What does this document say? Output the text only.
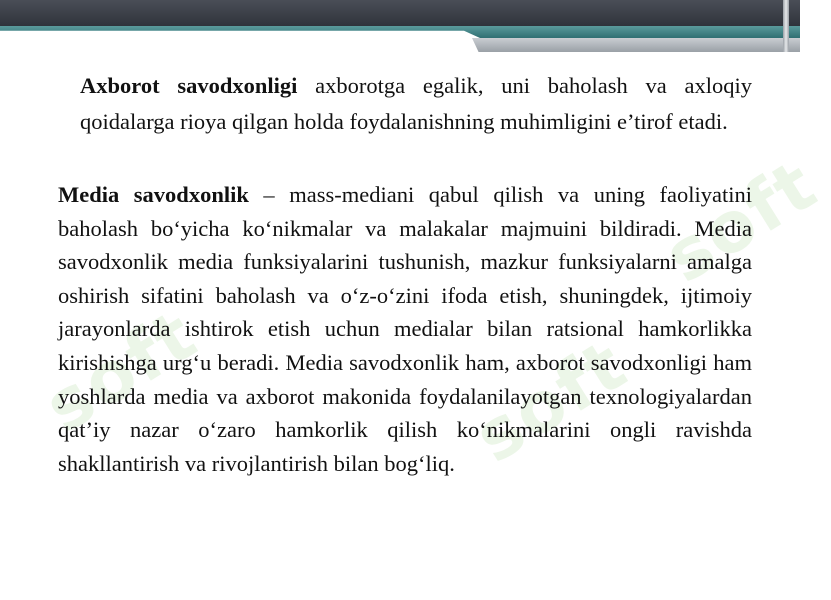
soft
soft	soft

Axborot savodxonligi axborotga egalik, uni baholash va axloqiy qoidalarga rioya qilgan holda foydalanishning muhimligini e’tirof etadi.

Media savodxonlik – mass-mediani qabul qilish va uning faoliyatini baholash bo‘yicha ko‘nikmalar va malakalar majmuini bildiradi. Media savodxonlik media funksiyalarini tushunish, mazkur funksiyalarni amalga oshirish sifatini baholash va o‘z-o‘zini ifoda etish, shuningdek, ijtimoiy jarayonlarda ishtirok etish uchun medialar bilan ratsional hamkorlikka kirishishga urg‘u beradi. Media savodxonlik ham, axborot savodxonligi ham yoshlarda media va axborot makonida foydalanilayotgan texnologiyalardan qat’iy nazar o‘zaro hamkorlik qilish ko‘nikmalarini ongli ravishda shakllantirish va rivojlantirish bilan bog‘liq.
